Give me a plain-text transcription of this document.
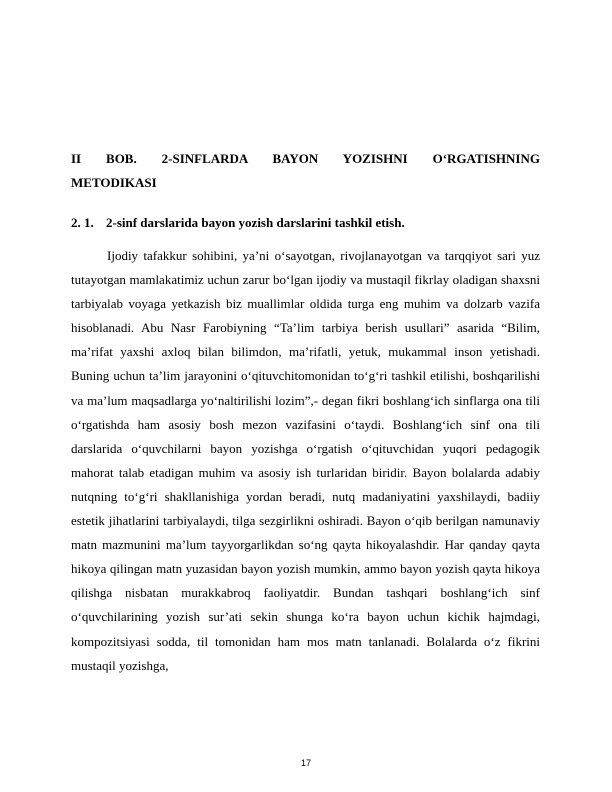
II BOB. 2-SINFLARDA BAYON YOZISHNI O‘RGATISHNING
METODIKASI
2. 1. 2-sinf darslarida bayon yozish darslarini tashkil etish.

Ijodiy tafakkur sohibini, ya’ni o‘sayotgan, rivojlanayotgan va tarqqiyot sari yuz tutayotgan mamlakatimiz uchun zarur bo‘lgan ijodiy va mustaqil fikrlay oladigan shaxsni tarbiyalab voyaga yetkazish biz muallimlar oldida turga eng muhim va dolzarb vazifa hisoblanadi. Abu Nasr Farobiyning “Ta’lim tarbiya berish usullari” asarida “Bilim, ma’rifat yaxshi axloq bilan bilimdon, ma’rifatli, yetuk, mukammal inson yetishadi. Buning uchun ta’lim jarayonini o‘qituvchitomonidan to‘g‘ri tashkil etilishi, boshqarilishi va ma’lum maqsadlarga yo‘naltirilishi lozim”,- degan fikri boshlang‘ich sinflarga ona tili o‘rgatishda ham asosiy bosh mezon vazifasini o‘taydi. Boshlang‘ich sinf ona tili darslarida o‘quvchilarni bayon yozishga o‘rgatish o‘qituvchidan yuqori pedagogik mahorat talab etadigan muhim va asosiy ish turlaridan biridir. Bayon bolalarda adabiy nutqning to‘g‘ri shakllanishiga yordan beradi, nutq madaniyatini yaxshilaydi, badiiy estetik jihatlarini tarbiyalaydi, tilga sezgirlikni oshiradi. Bayon o‘qib berilgan namunaviy matn mazmunini ma’lum tayyorgarlikdan so‘ng qayta hikoyalashdir. Har qanday qayta hikoya qilingan matn yuzasidan bayon yozish mumkin, ammo bayon yozish qayta hikoya qilishga nisbatan murakkabroq faoliyatdir. Bundan tashqari boshlang‘ich sinf o‘quvchilarining yozish sur’ati sekin shunga ko‘ra bayon uchun kichik hajmdagi, kompozitsiyasi sodda, til tomonidan ham mos matn tanlanadi. Bolalarda o‘z fikrini mustaqil yozishga,

17
